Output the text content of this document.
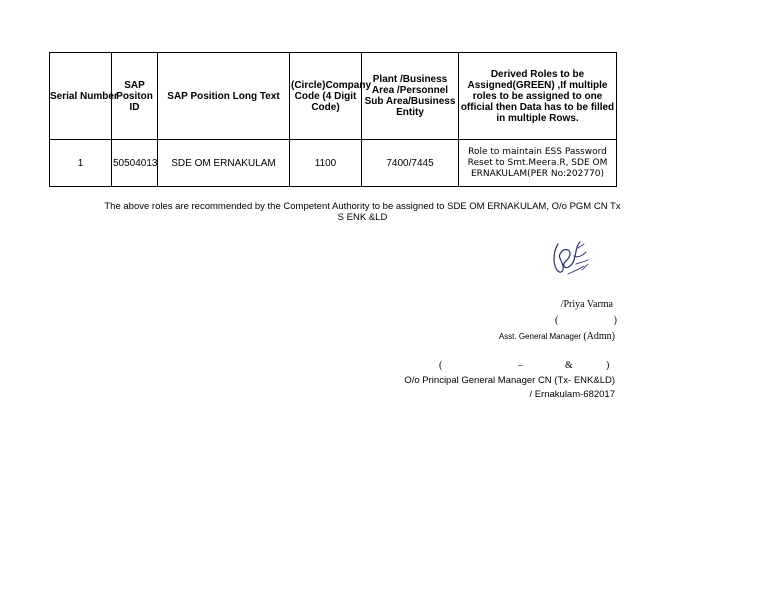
Serial Number	SAP Positon ID	SAP Position Long Text	(Circle)Company Code (4 Digit Code)	Plant /Business Area /Personnel Sub Area/Business Entity	Derived Roles to be Assigned(GREEN) ,If multiple roles to be assigned to one official then Data has to be filled in multiple Rows.
1	50504013	SDE OM ERNAKULAM	1100	7400/7445	Role to maintain ESS Password Reset to Smt.Meera.R, SDE OM ERNAKULAM(PER No:202770)
The above roles are recommended by the Competent Authority to be assigned to SDE OM ERNAKULAM, O/o PGM CN Tx S ENK &LD
/Priya Varma
(	)
Asst. General Manager (Admn)
(	–	&	)
O/o Principal General Manager CN (Tx- ENK&LD)
/ Ernakulam-682017
